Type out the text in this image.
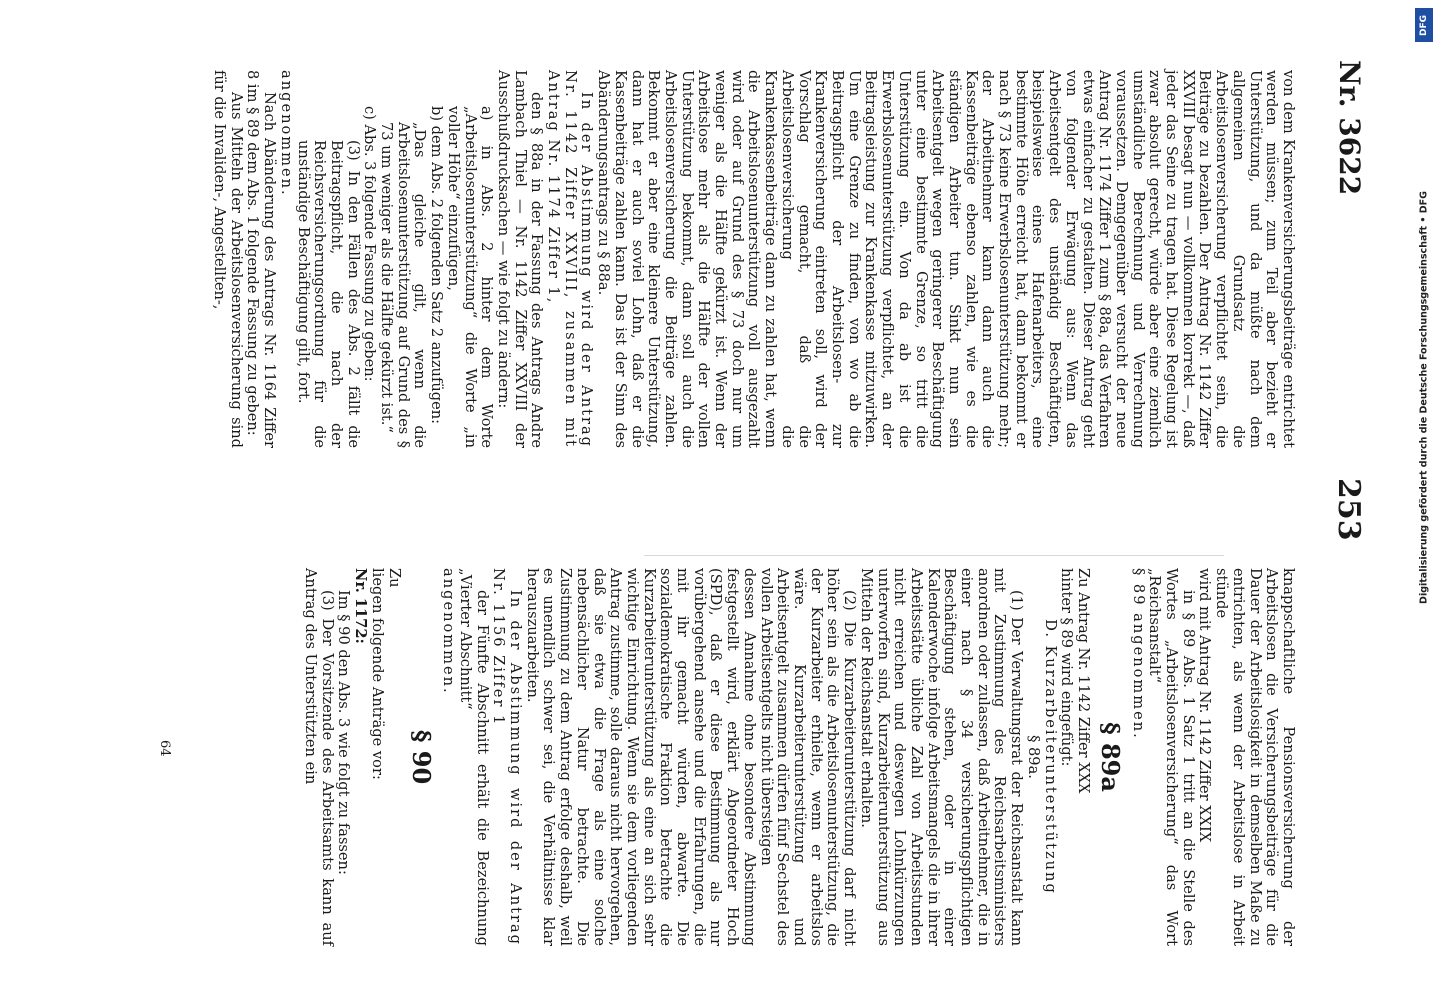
253
Nr. 3622

von dem Krankenversicherungsbeiträge entrichtet werden müssen; zum Teil aber bezieht er Unterstützung, und da müßte nach dem allgemeinen Grundsatz die Arbeitslosenversicherung verpflichtet sein, die Beiträge zu bezahlen. Der Antrag Nr. 1142 Ziffer XXVIII besagt nun — vollkommen korrekt —, daß jeder das Seine zu tragen hat. Diese Regelung ist zwar absolut gerecht, würde aber eine ziemlich umständliche Berechnung und Verrechnung voraussetzen. Demgegenüber versucht der neue Antrag Nr. 1174 Ziffer 1 zum § 88a, das Verfahren etwas einfacher zu gestalten. Dieser Antrag geht von folgender Erwägung aus: Wenn das Arbeitsentgelt des unständig Beschäftigten, beispielsweise eines Hafenarbeiters, eine bestimmte Höhe erreicht hat, dann bekommt er nach § 73 keine Erwerbslosenunterstützung mehr; der Arbeitnehmer kann dann auch die Kassenbeiträge ebenso zahlen, wie es die ständigen Arbeiter tun. Sinkt nun sein Arbeitsentgelt wegen geringerer Beschäftigung unter eine bestimmte Grenze, so tritt die Unterstützung ein. Von da ab ist die Erwerbslosenunterstützung verpflichtet, an der Beitragsleistung zur Krankenkasse mitzuwirken. Um eine Grenze zu finden, von wo ab die Beitragspflicht der Arbeitslosen- zur Krankenversicherung eintreten soll, wird der Vorschlag gemacht, daß die Arbeitslosenversicherung die Krankenkassenbeiträge dann zu zahlen hat, wenn die Arbeitslosenunterstützung voll ausgezahlt wird oder auf Grund des § 73 doch nur um weniger als die Hälfte gekürzt ist. Wenn der Arbeitslose mehr als die Hälfte der vollen Unterstützung bekommt, dann soll auch die Arbeitslosenversicherung die Beiträge zahlen. Bekommt er aber eine kleinere Unterstützung, dann hat er auch soviel Lohn, daß er die Kassenbeiträge zahlen kann. Das ist der Sinn des Abänderungsantrags zu § 88a.

In der Abstimmung wird der Antrag Nr. 1142 Ziffer XXVIII, zusammen mit Antrag Nr. 1174 Ziffer 1,

den § 88a in der Fassung des Antrags Andre Lambach Thiel — Nr. 1142 Ziffer XXVIII der Ausschußdrucksachen — wie folgt zu ändern:

a) in Abs. 2 hinter dem Worte „Arbeitslosenunterstützung“ die Worte „in voller Höhe“ einzufügen,

b) dem Abs. 2 folgenden Satz 2 anzufügen:

„Das gleiche gilt, wenn die Arbeitslosenunterstützung auf Grund des § 73 um weniger als die Hälfte gekürzt ist.“

c) Abs. 3 folgende Fassung zu geben:

(3) In den Fällen des Abs. 2 fällt die Beitragspflicht, die nach der Reichsversicherungsordnung für die unständige Beschäftigung gilt, fort.

angenommen.

Nach Abänderung des Antrags Nr. 1164 Ziffer 8 im § 89 dem Abs. 1 folgende Fassung zu geben:

Aus Mitteln der Arbeitslosenversicherung sind für die Invaliden-, Angestellten-,

knappschaftliche Pensionsversicherung der Arbeitslosen die Versicherungsbeiträge für die Dauer der Arbeitslosigkeit in demselben Maße zu entrichten, als wenn der Arbeitslose in Arbeit stünde

wird mit Antrag Nr. 1142 Ziffer XXIX

in § 89 Abs. 1 Satz 1 tritt an die Stelle des Wortes „Arbeitslosenversicherung“ das Wort „Reichsanstalt“

§ 89 angenommen.

§ 89a

Zu Antrag Nr. 1142 Ziffer XXX

hinter § 89 wird eingefügt:

D. Kurzarbeiterunterstützung

§ 89a.

(1) Der Verwaltungsrat der Reichsanstalt kann mit Zustimmung des Reichsarbeitsministers anordnen oder zulassen, daß Arbeitnehmer, die in einer nach § 34 versicherungspflichtigen Beschäftigung stehen, oder in einer Kalenderwoche infolge Arbeitsmangels die in ihrer Arbeitsstätte übliche Zahl von Arbeitsstunden nicht erreichen und deswegen Lohnkürzungen unterworfen sind, Kurzarbeiterunterstützung aus Mitteln der Reichsanstalt erhalten.

(2) Die Kurzarbeiterunterstützung darf nicht höher sein als die Arbeitslosenunterstützung, die der Kurzarbeiter erhielte, wenn er arbeitslos wäre. Kurzarbeiterunterstützung und Arbeitsentgelt zusammen dürfen fünf Sechstel des vollen Arbeitsentgelts nicht übersteigen

dessen Annahme ohne besondere Abstimmung festgestellt wird, erklärt Abgeordneter Hoch (SPD), daß er diese Bestimmung als nur vorübergehend ansehe und die Erfahrungen, die mit ihr gemacht würden, abwarte. Die sozialdemokratische Fraktion betrachte die Kurzarbeiterunterstützung als eine an sich sehr wichtige Einrichtung. Wenn sie dem vorliegenden Antrag zustimme, solle daraus nicht hervorgehen, daß sie etwa die Frage als eine solche nebensächlicher Natur betrachte. Die Zustimmung zu dem Antrag erfolge deshalb, weil es unendlich schwer sei, die Verhältnisse klar herauszuarbeiten.

In der Abstimmung wird der Antrag Nr. 1156 Ziffer 1

der Fünfte Abschnitt erhält die Bezeichnung „Vierter Abschnitt“

angenommen.

§ 90

Zu

liegen folgende Anträge vor:

Nr. 1172:

Im § 90 den Abs. 3 wie folgt zu fassen:

(3) Der Vorsitzende des Arbeitsamts kann auf Antrag des Unterstützten ein

64
DFG
Digitalisierung gefördert durch die Deutsche Forschungsgemeinschaft • DFG
